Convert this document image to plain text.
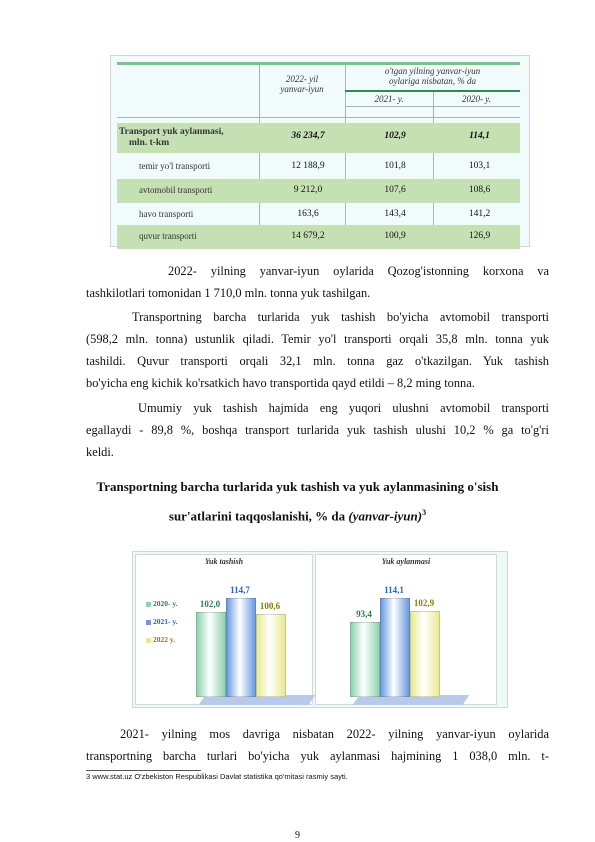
2022- yil
yanvar-iyun
o'tgan yilning yanvar-iyun
oylariga nisbatan, % da
2021- y.	2020- y.
Transport yuk aylanmasi,
mln. t-km
36 234,7	102,9	114,1
temir yo'l transporti	12 188,9	101,8	103,1
avtomobil transporti	9 212,0	107,6	108,6
havo transporti	163,6	143,4	141,2
quvur transporti	14 679,2	100,9	126,9
2022- yilning yanvar-iyun oylarida Qozog'istonning korxona va
tashkilotlari tomonidan 1 710,0 mln. tonna yuk tashilgan.
Transportning barcha turlarida yuk tashish bo'yicha avtomobil transporti
(598,2 mln. tonna) ustunlik qiladi. Temir yo'l transporti orqali 35,8 mln. tonna yuk
tashildi. Quvur transporti orqali 32,1 mln. tonna gaz o'tkazilgan. Yuk tashish
bo'yicha eng kichik ko'rsatkich havo transportida qayd etildi – 8,2 ming tonna.
Umumiy yuk tashish hajmida eng yuqori ulushni avtomobil transporti
egallaydi - 89,8 %, boshqa transport turlarida yuk tashish ulushi 10,2 % ga to'g'ri
keldi.
Transportning barcha turlarida yuk tashish va yuk aylanmasining o'sish
sur'atlarini taqqoslanishi, % da (yanvar-iyun)$^3$
Yuk tashish
2020- y.
2021- y.
2022 y.
102,0
114,7
100,6
Yuk aylanmasi
93,4
114,1
102,9
2021- yilning mos davriga nisbatan 2022- yilning yanvar-iyun oylarida
transportning barcha turlari bo'yicha yuk aylanmasi hajmining 1 038,0 mln. t-
3 www.stat.uz O'zbekiston Respublikasi Davlat statistika qo'mitasi rasmiy sayti.
9
